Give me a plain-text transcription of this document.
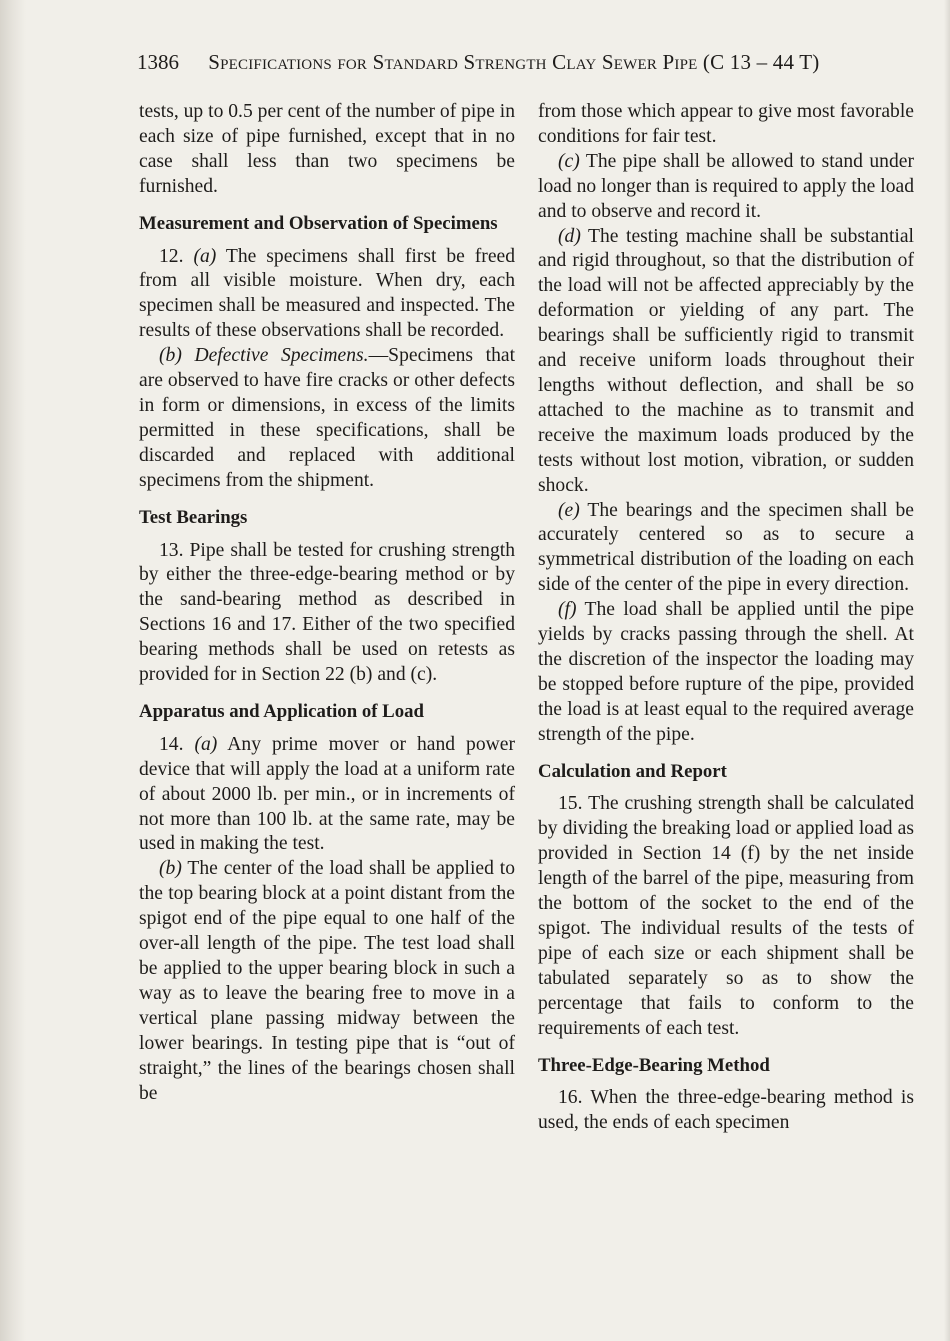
1386 Specifications for Standard Strength Clay Sewer Pipe (C 13 – 44 T)

tests, up to 0.5 per cent of the number of pipe in each size of pipe furnished, except that in no case shall less than two specimens be furnished.

Measurement and Observation of Specimens

12. (a) The specimens shall first be freed from all visible moisture. When dry, each specimen shall be measured and inspected. The results of these observations shall be recorded.

(b) Defective Specimens.—Specimens that are observed to have fire cracks or other defects in form or dimensions, in excess of the limits permitted in these specifications, shall be discarded and replaced with additional specimens from the shipment.

Test Bearings

13. Pipe shall be tested for crushing strength by either the three-edge-bearing method or by the sand-bearing method as described in Sections 16 and 17. Either of the two specified bearing methods shall be used on retests as provided for in Section 22 (b) and (c).

Apparatus and Application of Load

14. (a) Any prime mover or hand power device that will apply the load at a uniform rate of about 2000 lb. per min., or in increments of not more than 100 lb. at the same rate, may be used in making the test.

(b) The center of the load shall be applied to the top bearing block at a point distant from the spigot end of the pipe equal to one half of the over-all length of the pipe. The test load shall be applied to the upper bearing block in such a way as to leave the bearing free to move in a vertical plane passing midway between the lower bearings. In testing pipe that is “out of straight,” the lines of the bearings chosen shall be

from those which appear to give most favorable conditions for fair test.

(c) The pipe shall be allowed to stand under load no longer than is required to apply the load and to observe and record it.

(d) The testing machine shall be substantial and rigid throughout, so that the distribution of the load will not be affected appreciably by the deformation or yielding of any part. The bearings shall be sufficiently rigid to transmit and receive uniform loads throughout their lengths without deflection, and shall be so attached to the machine as to transmit and receive the maximum loads produced by the tests without lost motion, vibration, or sudden shock.

(e) The bearings and the specimen shall be accurately centered so as to secure a symmetrical distribution of the loading on each side of the center of the pipe in every direction.

(f) The load shall be applied until the pipe yields by cracks passing through the shell. At the discretion of the inspector the loading may be stopped before rupture of the pipe, provided the load is at least equal to the required average strength of the pipe.

Calculation and Report

15. The crushing strength shall be calculated by dividing the breaking load or applied load as provided in Section 14 (f) by the net inside length of the barrel of the pipe, measuring from the bottom of the socket to the end of the spigot. The individual results of the tests of pipe of each size or each shipment shall be tabulated separately so as to show the percentage that fails to conform to the requirements of each test.

Three-Edge-Bearing Method

16. When the three-edge-bearing method is used, the ends of each specimen
